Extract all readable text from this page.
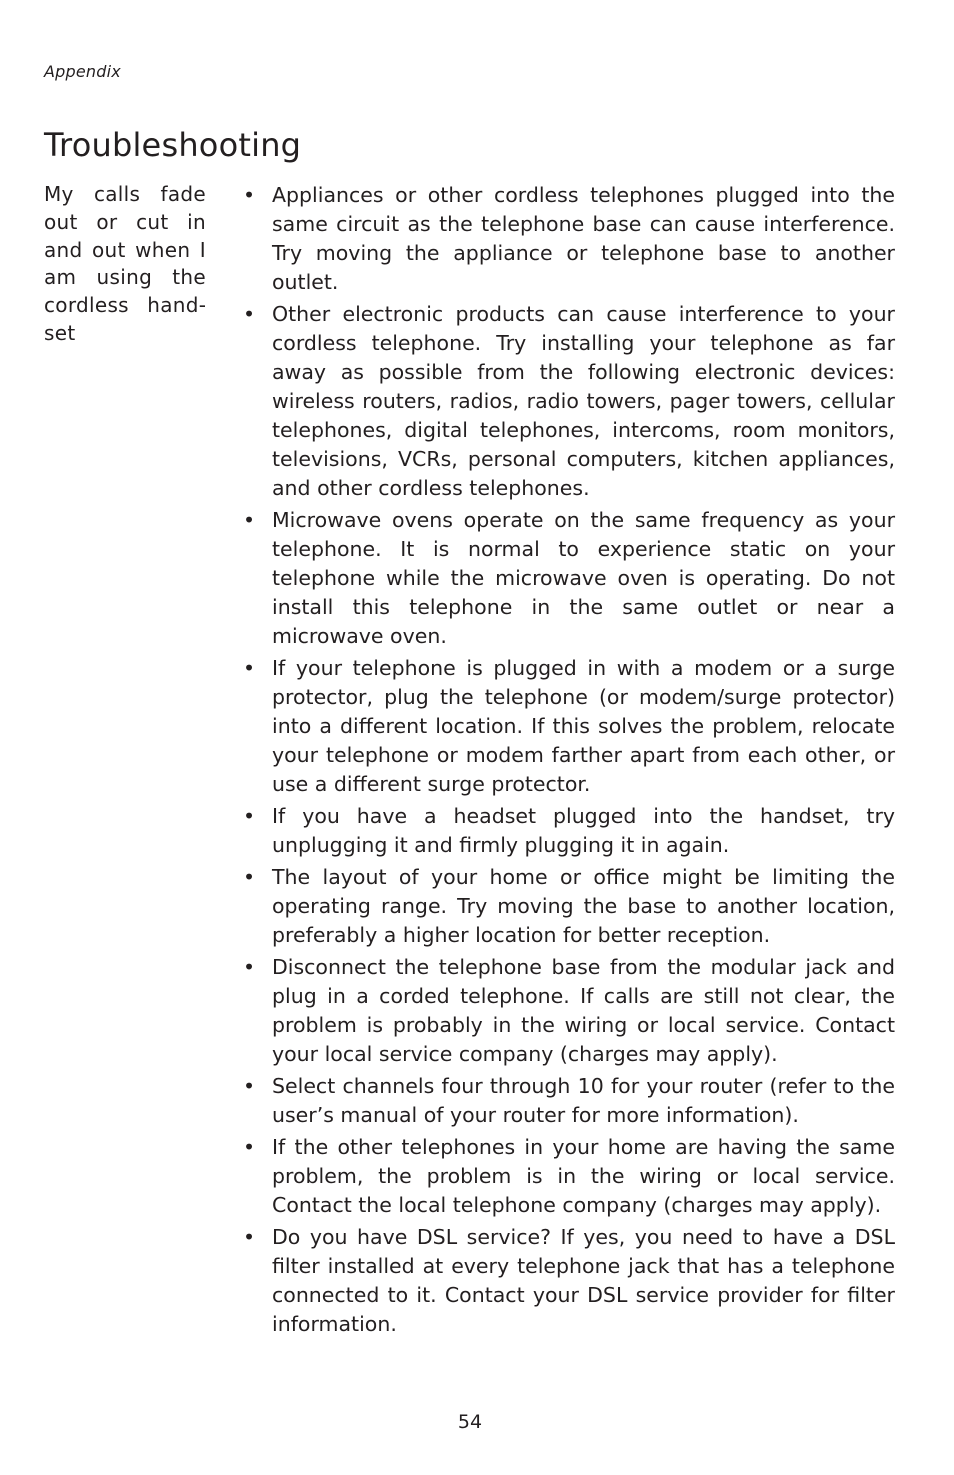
Appendix
Troubleshooting
My calls fade out or cut in and out when I am using the cordless handset
• Appliances or other cordless telephones plugged into the same circuit as the telephone base can cause interference. Try moving the appliance or telephone base to another outlet.
• Other electronic products can cause interference to your cordless telephone. Try installing your telephone as far away as possible from the following electronic devices: wireless routers, radios, radio towers, pager towers, cellular telephones, digital telephones, intercoms, room monitors, televisions, VCRs, personal computers, kitchen appliances, and other cordless telephones.
• Microwave ovens operate on the same frequency as your telephone. It is normal to experience static on your telephone while the microwave oven is operating. Do not install this telephone in the same outlet or near a microwave oven.
• If your telephone is plugged in with a modem or a surge protector, plug the telephone (or modem/surge protector) into a different location. If this solves the problem, relocate your telephone or modem farther apart from each other, or use a different surge protector.
• If you have a headset plugged into the handset, try unplugging it and firmly plugging it in again.
• The layout of your home or office might be limiting the operating range. Try moving the base to another location, preferably a higher location for better reception.
• Disconnect the telephone base from the modular jack and plug in a corded telephone. If calls are still not clear, the problem is probably in the wiring or local service. Contact your local service company (charges may apply).
• Select channels four through 10 for your router (refer to the user’s manual of your router for more information).
• If the other telephones in your home are having the same problem, the problem is in the wiring or local service. Contact the local telephone company (charges may apply).
• Do you have DSL service? If yes, you need to have a DSL filter installed at every telephone jack that has a telephone connected to it. Contact your DSL service provider for filter information.
54
